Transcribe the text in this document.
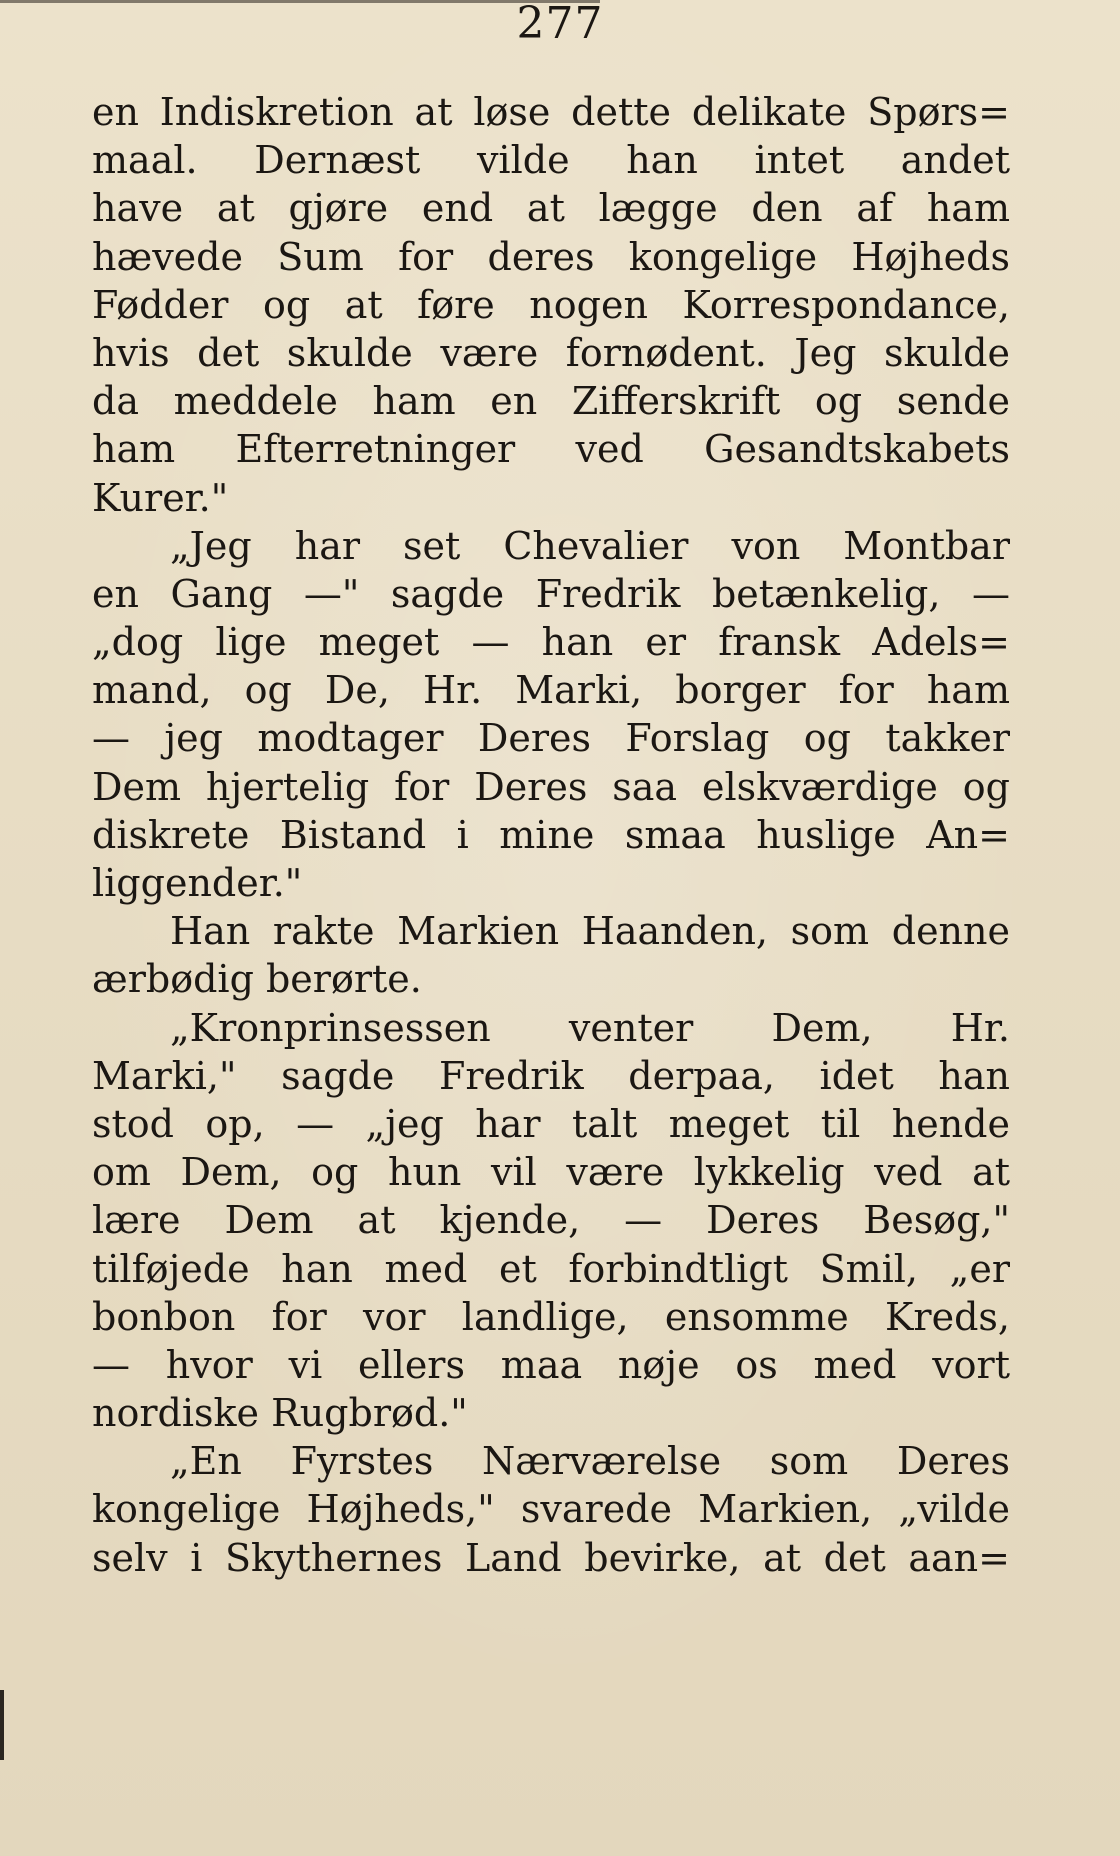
277
en Indiskretion at løse dette delikate Spørs=
maal. Dernæst vilde han intet andet
have at gjøre end at lægge den af ham
hævede Sum for deres kongelige Højheds
Fødder og at føre nogen Korrespondance,
hvis det skulde være fornødent. Jeg skulde
da meddele ham en Zifferskrift og sende
ham Efterretninger ved Gesandtskabets
Kurer."
„Jeg har set Chevalier von Montbar
en Gang —" sagde Fredrik betænkelig, —
„dog lige meget — han er fransk Adels=
mand, og De, Hr. Marki, borger for ham
— jeg modtager Deres Forslag og takker
Dem hjertelig for Deres saa elskværdige og
diskrete Bistand i mine smaa huslige An=
liggender."
Han rakte Markien Haanden, som denne
ærbødig berørte.
„Kronprinsessen venter Dem, Hr.
Marki," sagde Fredrik derpaa, idet han
stod op, — „jeg har talt meget til hende
om Dem, og hun vil være lykkelig ved at
lære Dem at kjende, — Deres Besøg,"
tilføjede han med et forbindtligt Smil, „er
bonbon for vor landlige, ensomme Kreds,
— hvor vi ellers maa nøje os med vort
nordiske Rugbrød."
„En Fyrstes Nærværelse som Deres
kongelige Højheds," svarede Markien, „vilde
selv i Skythernes Land bevirke, at det aan=
